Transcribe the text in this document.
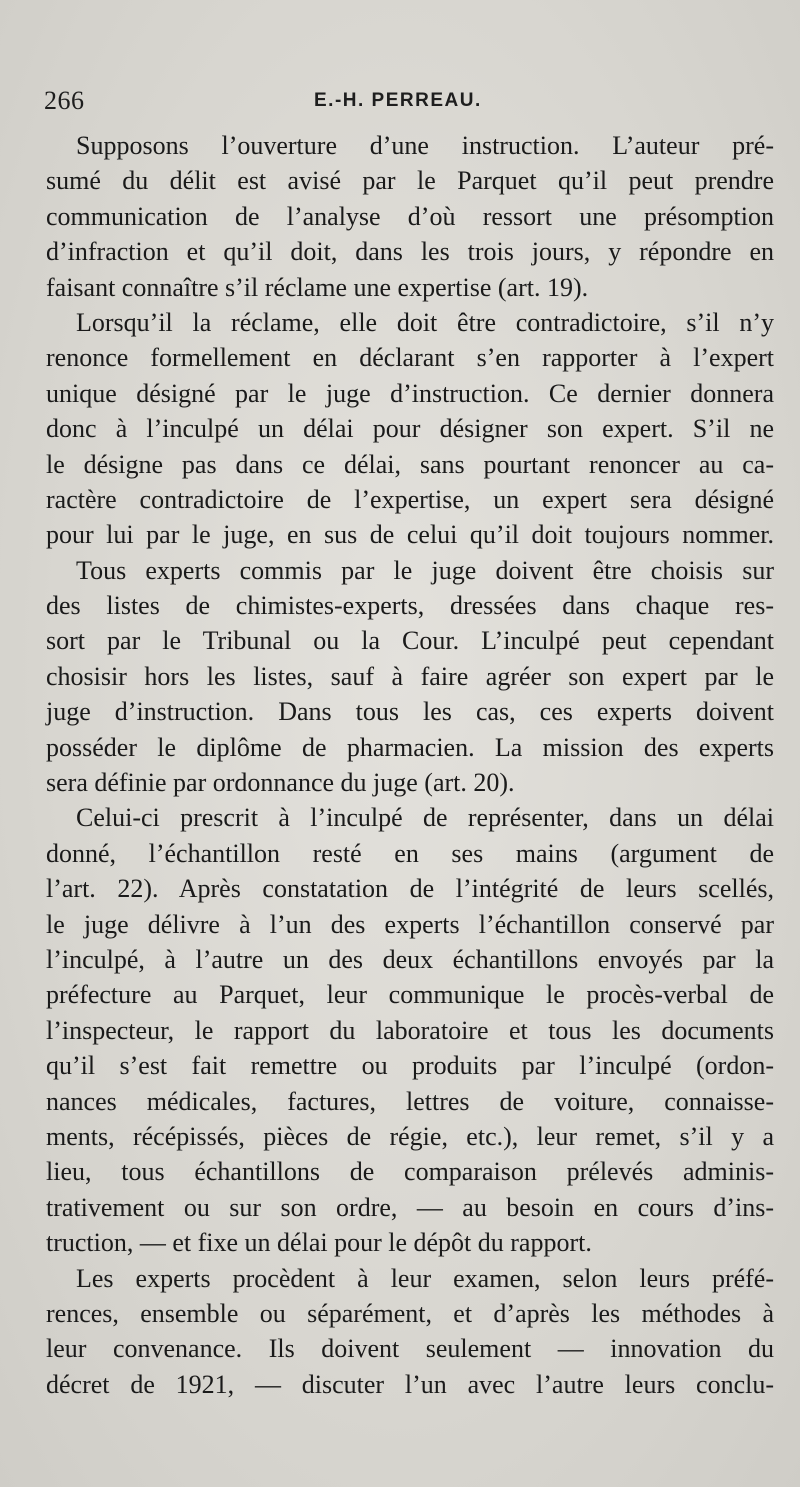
266	E.-H. PERREAU.
Supposons l’ouverture d’une instruction. L’auteur pré-
sumé du délit est avisé par le Parquet qu’il peut prendre
communication de l’analyse d’où ressort une présomption
d’infraction et qu’il doit, dans les trois jours, y répondre en
faisant connaître s’il réclame une expertise (art. 19).
Lorsqu’il la réclame, elle doit être contradictoire, s’il n’y
renonce formellement en déclarant s’en rapporter à l’expert
unique désigné par le juge d’instruction. Ce dernier donnera
donc à l’inculpé un délai pour désigner son expert. S’il ne
le désigne pas dans ce délai, sans pourtant renoncer au ca-
ractère contradictoire de l’expertise, un expert sera désigné
pour lui par le juge, en sus de celui qu’il doit toujours nommer.
Tous experts commis par le juge doivent être choisis sur
des listes de chimistes-experts, dressées dans chaque res-
sort par le Tribunal ou la Cour. L’inculpé peut cependant
chosisir hors les listes, sauf à faire agréer son expert par le
juge d’instruction. Dans tous les cas, ces experts doivent
posséder le diplôme de pharmacien. La mission des experts
sera définie par ordonnance du juge (art. 20).
Celui-ci prescrit à l’inculpé de représenter, dans un délai
donné, l’échantillon resté en ses mains (argument de
l’art. 22). Après constatation de l’intégrité de leurs scellés,
le juge délivre à l’un des experts l’échantillon conservé par
l’inculpé, à l’autre un des deux échantillons envoyés par la
préfecture au Parquet, leur communique le procès-verbal de
l’inspecteur, le rapport du laboratoire et tous les documents
qu’il s’est fait remettre ou produits par l’inculpé (ordon-
nances médicales, factures, lettres de voiture, connaisse-
ments, récépissés, pièces de régie, etc.), leur remet, s’il y a
lieu, tous échantillons de comparaison prélevés adminis-
trativement ou sur son ordre, — au besoin en cours d’ins-
truction, — et fixe un délai pour le dépôt du rapport.
Les experts procèdent à leur examen, selon leurs préfé-
rences, ensemble ou séparément, et d’après les méthodes à
leur convenance. Ils doivent seulement — innovation du
décret de 1921, — discuter l’un avec l’autre leurs conclu-
